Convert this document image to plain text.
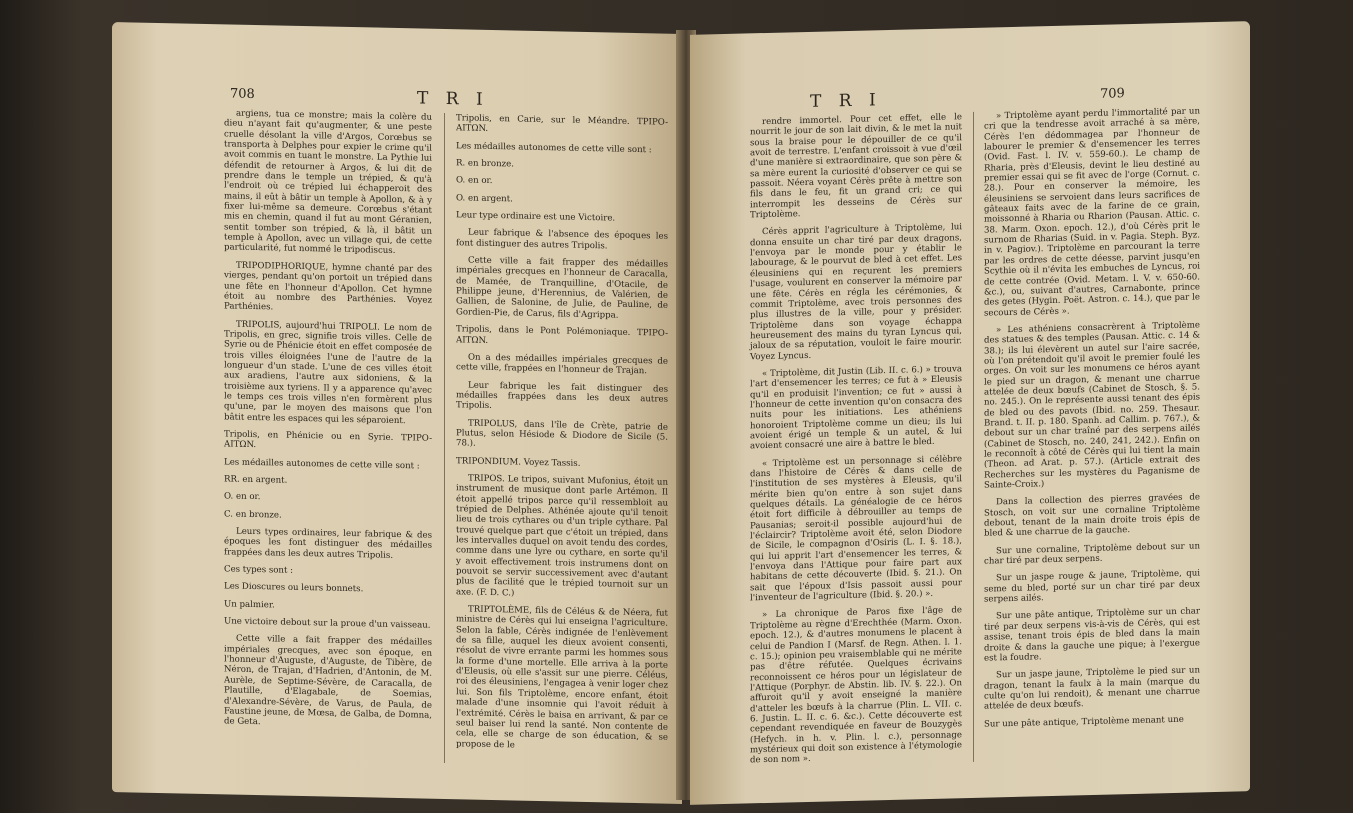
708	T R I

argiens, tua ce monstre; mais la colère du dieu n'ayant fait qu'augmenter, & une peste cruelle désolant la ville d'Argos, Corœbus se transporta à Delphes pour expier le crime qu'il avoit commis en tuant le monstre. La Pythie lui défendit de retourner à Argos, & lui dit de prendre dans le temple un trépied, & qu'à l'endroit où ce trépied lui échapperoit des mains, il eût à bâtir un temple à Apollon, & à y fixer lui-même sa demeure. Corœbus s'étant mis en chemin, quand il fut au mont Géranien, sentit tomber son trépied, & là, il bâtit un temple à Apollon, avec un village qui, de cette particularité, fut nommé le tripodiscus.

TRIPODIPHORIQUE, hymne chanté par des vierges, pendant qu'on portoit un trépied dans une fête en l'honneur d'Apollon. Cet hymne étoit au nombre des Parthénies. Voyez Parthénies.

TRIPOLIS, aujourd'hui TRIPOLI. Le nom de Tripolis, en grec, signifie trois villes. Celle de Syrie ou de Phénicie étoit en effet composée de trois villes éloignées l'une de l'autre de la longueur d'un stade. L'une de ces villes étoit aux aradiens, l'autre aux sidoniens, & la troisième aux tyriens. Il y a apparence qu'avec le temps ces trois villes n'en formèrent plus qu'une, par le moyen des maisons que l'on bâtit entre les espaces qui les séparoient.

Tripolis, en Phénicie ou en Syrie. TPIPO-AITΩN.

Les médailles autonomes de cette ville sont :

RR. en argent.

O. en or.

C. en bronze.

Leurs types ordinaires, leur fabrique & des époques les font distinguer des médailles frappées dans les deux autres Tripolis.

Ces types sont :

Les Dioscures ou leurs bonnets.

Un palmier.

Une victoire debout sur la proue d'un vaisseau.

Cette ville a fait frapper des médailles impériales grecques, avec son époque, en l'honneur d'Auguste, d'Auguste, de Tibère, de Néron, de Trajan, d'Hadrien, d'Antonin, de M. Aurèle, de Septime-Sévère, de Caracalla, de Plautille, d'Elagabale, de Soemias, d'Alexandre-Sévère, de Varus, de Paula, de Faustine jeune, de Mœsa, de Galba, de Domna, de Geta.

Tripolis, en Carie, sur le Méandre. TPIPO-AITΩN.

Les médailles autonomes de cette ville sont :

R. en bronze.

O. en or.

O. en argent.

Leur type ordinaire est une Victoire.

Leur fabrique & l'absence des époques les font distinguer des autres Tripolis.

Cette ville a fait frapper des médailles impériales grecques en l'honneur de Caracalla, de Mamée, de Tranquilline, d'Otacile, de Philippe jeune, d'Herennius, de Valérien, de Gallien, de Salonine, de Julie, de Pauline, de Gordien-Pie, de Carus, fils d'Agrippa.

Tripolis, dans le Pont Polémoniaque. TPIPO-AITΩN.

On a des médailles impériales grecques de cette ville, frappées en l'honneur de Trajan.

Leur fabrique les fait distinguer des médailles frappées dans les deux autres Tripolis.

TRIPOLUS, dans l'île de Crète, patrie de Plutus, selon Hésiode & Diodore de Sicile (5. 78.).

TRIPONDIUM. Voyez Tassis.

TRIPOS. Le tripos, suivant Mufonius, étoit un instrument de musique dont parle Artémon. Il étoit appellé tripos parce qu'il ressembloit au trépied de Delphes. Athénée ajoute qu'il tenoit lieu de trois cythares ou d'un triple cythare. Pal trouvé quelque part que c'étoit un trépied, dans les intervalles duquel on avoit tendu des cordes, comme dans une lyre ou cythare, en sorte qu'il y avoit effectivement trois instrumens dont on pouvoit se servir successivement avec d'autant plus de facilité que le trépied tournoit sur un axe. (F. D. C.)

TRIPTOLÈME, fils de Céléus & de Néera, fut ministre de Cérès qui lui enseigna l'agriculture. Selon la fable, Cérès indignée de l'enlèvement de sa fille, auquel les dieux avoient consenti, résolut de vivre errante parmi les hommes sous la forme d'une mortelle. Elle arriva à la porte d'Eleusis, où elle s'assit sur une pierre. Céléus, roi des éleusiniens, l'engagea à venir loger chez lui. Son fils Triptolème, encore enfant, étoit malade d'une insomnie qui l'avoit réduit à l'extrémité. Cérès le baisa en arrivant, & par ce seul baiser lui rend la santé. Non contente de cela, elle se charge de son éducation, & se propose de le

T R I	709

rendre immortel. Pour cet effet, elle le nourrit le jour de son lait divin, & le met la nuit sous la braise pour le dépouiller de ce qu'il avoit de terrestre. L'enfant croissoit à vue d'œil d'une manière si extraordinaire, que son père & sa mère eurent la curiosité d'observer ce qui se passoit. Néera voyant Cérès prête à mettre son fils dans le feu, fit un grand cri; ce qui interrompit les desseins de Cérès sur Triptolème.

Cérès apprit l'agriculture à Triptolème, lui donna ensuite un char tiré par deux dragons, l'envoya par le monde pour y établir le labourage, & le pourvut de bled à cet effet. Les éleusiniens qui en reçurent les premiers l'usage, voulurent en conserver la mémoire par une fête. Cérès en régla les cérémonies, & commit Triptolème, avec trois personnes des plus illustres de la ville, pour y présider. Triptolème dans son voyage échappa heureusement des mains du tyran Lyncus qui, jaloux de sa réputation, vouloit le faire mourir. Voyez Lyncus.

« Triptolème, dit Justin (Lib. II. c. 6.) » trouva l'art d'ensemencer les terres; ce fut à » Eleusis qu'il en produisit l'invention; ce fut » aussi à l'honneur de cette invention qu'on consacra des nuits pour les initiations. Les athéniens honoroient Triptolème comme un dieu; ils lui avoient érigé un temple & un autel, & lui avoient consacré une aire à battre le bled.

« Triptolème est un personnage si célèbre dans l'histoire de Cérès & dans celle de l'institution de ses mystères à Eleusis, qu'il mérite bien qu'on entre à son sujet dans quelques détails. La généalogie de ce héros étoit fort difficile à débrouiller au temps de Pausanias; seroit-il possible aujourd'hui de l'éclaircir? Triptolème avoit été, selon Diodore de Sicile, le compagnon d'Osiris (L. I. §. 18.), qui lui apprit l'art d'ensemencer les terres, & l'envoya dans l'Attique pour faire part aux habitans de cette découverte (Ibid. §. 21.). On sait que l'époux d'Isis passoit aussi pour l'inventeur de l'agriculture (Ibid. §. 20.) ».

» La chronique de Paros fixe l'âge de Triptolème au règne d'Erechthée (Marm. Oxon. epoch. 12.), & d'autres monumens le placent à celui de Pandion I (Marsf. de Regn. Athen. l. 1. c. 15.); opinion peu vraisemblable qui ne mérite pas d'être réfutée. Quelques écrivains reconnoissent ce héros pour un législateur de l'Attique (Porphyr. de Abstin. lib. IV. §. 22.). On affuroit qu'il y avoit enseigné la manière d'atteler les bœufs à la charrue (Plin. L. VII. c. 6. Justin. L. II. c. 6. &c.). Cette découverte est cependant revendiquée en faveur de Bouzygès (Hefych. in h. v. Plin. l. c.), personnage mystérieux qui doit son existence à l'étymologie de son nom ».

» Triptolème ayant perdu l'immortalité par un cri que la tendresse avoit arraché à sa mère, Cérès l'en dédommagea par l'honneur de labourer le premier & d'ensemencer les terres (Ovid. Fast. l. IV. v. 559-60.). Le champ de Rharia, près d'Eleusis, devint le lieu destiné au premier essai qui se fit avec de l'orge (Cornut. c. 28.). Pour en conserver la mémoire, les éleusiniens se servoient dans leurs sacrifices de gâteaux faits avec de la farine de ce grain, moissonné à Rharia ou Rharion (Pausan. Attic. c. 38. Marm. Oxon. epoch. 12.), d'où Cérès prit le surnom de Rharias (Suid. in v. Pagia. Steph. Byz. in v. Pagiov.). Triptolème en parcourant la terre par les ordres de cette déesse, parvint jusqu'en Scythie où il n'évita les embuches de Lyncus, roi de cette contrée (Ovid. Metam. l. V. v. 650-60. &c.), ou, suivant d'autres, Carnabonte, prince des getes (Hygin. Poët. Astron. c. 14.), que par le secours de Cérès ».

» Les athéniens consacrèrent à Triptolème des statues & des temples (Pausan. Attic. c. 14 & 38.); ils lui élevèrent un autel sur l'aire sacrée, où l'on prétendoit qu'il avoit le premier foulé les orges. On voit sur les monumens ce héros ayant le pied sur un dragon, & menant une charrue attelée de deux bœufs (Cabinet de Stosch, §. 5. no. 245.). On le représente aussi tenant des épis de bled ou des pavots (Ibid. no. 259. Thesaur. Brand. t. II. p. 180. Spanh. ad Callim. p. 767.), & debout sur un char traîné par des serpens ailés (Cabinet de Stosch, no. 240, 241, 242.). Enfin on le reconnoît à côté de Cérès qui lui tient la main (Theon. ad Arat. p. 57.). (Article extrait des Recherches sur les mystères du Paganisme de Sainte-Croix.)

Dans la collection des pierres gravées de Stosch, on voit sur une cornaline Triptolème debout, tenant de la main droite trois épis de bled & une charrue de la gauche.

Sur une cornaline, Triptolème debout sur un char tiré par deux serpens.

Sur un jaspe rouge & jaune, Triptolème, qui seme du bled, porté sur un char tiré par deux serpens ailés.

Sur une pâte antique, Triptolème sur un char tiré par deux serpens vis-à-vis de Cérès, qui est assise, tenant trois épis de bled dans la main droite & dans la gauche une pique; à l'exergue est la foudre.

Sur un jaspe jaune, Triptolème le pied sur un dragon, tenant la faulx à la main (marque du culte qu'on lui rendoit), & menant une charrue attelée de deux bœufs.

Sur une pâte antique, Triptolème menant une
